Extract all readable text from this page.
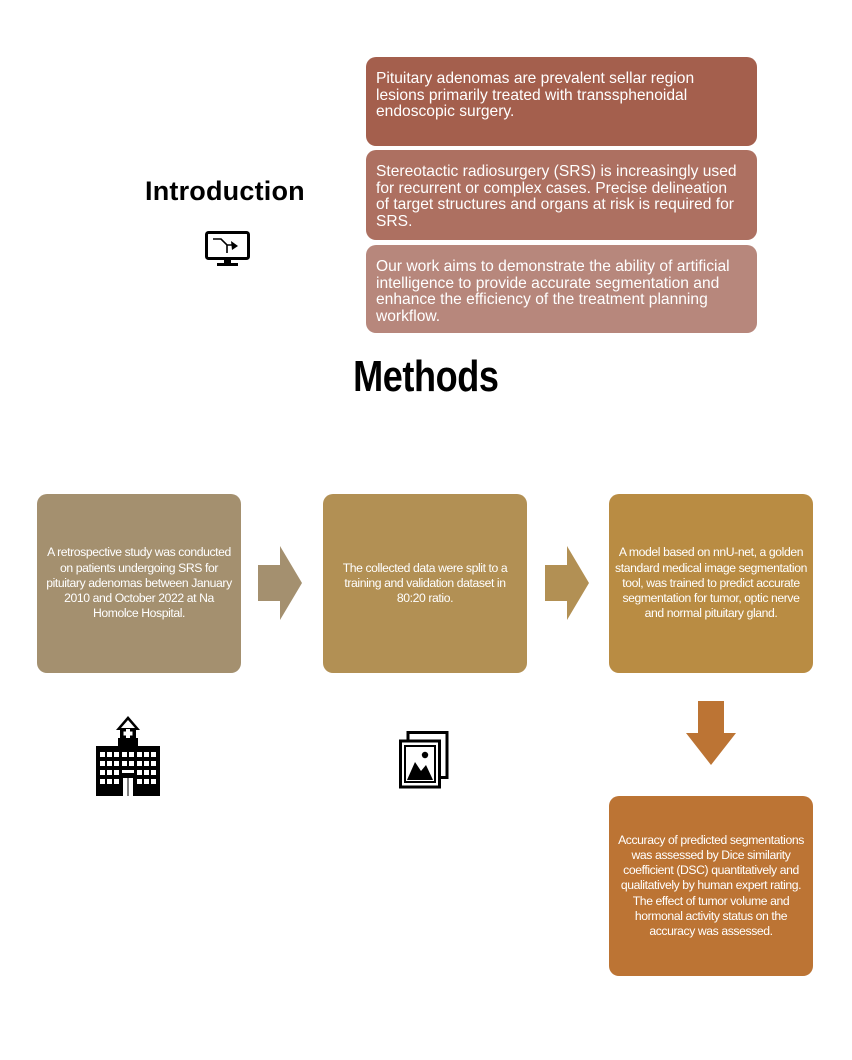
Introduction
Pituitary adenomas are prevalent sellar region lesions primarily treated with transsphenoidal endoscopic surgery.
Stereotactic radiosurgery (SRS) is increasingly used for recurrent or complex cases. Precise delineation of target structures and organs at risk is required for SRS.
Our work aims to demonstrate the ability of artificial intelligence to provide accurate segmentation and enhance the efficiency of the treatment planning workflow.
Methods
A retrospective study was conducted on patients undergoing SRS for pituitary adenomas between January 2010 and October 2022 at Na Homolce Hospital.
The collected data were split to a training and validation dataset in 80:20 ratio.
A model based on nnU-net, a golden standard medical image segmentation tool, was trained to predict accurate segmentation for tumor, optic nerve and normal pituitary gland.
Accuracy of predicted segmentations was assessed by Dice similarity coefficient (DSC) quantitatively and qualitatively by human expert rating. The effect of tumor volume and hormonal activity status on the accuracy was assessed.
